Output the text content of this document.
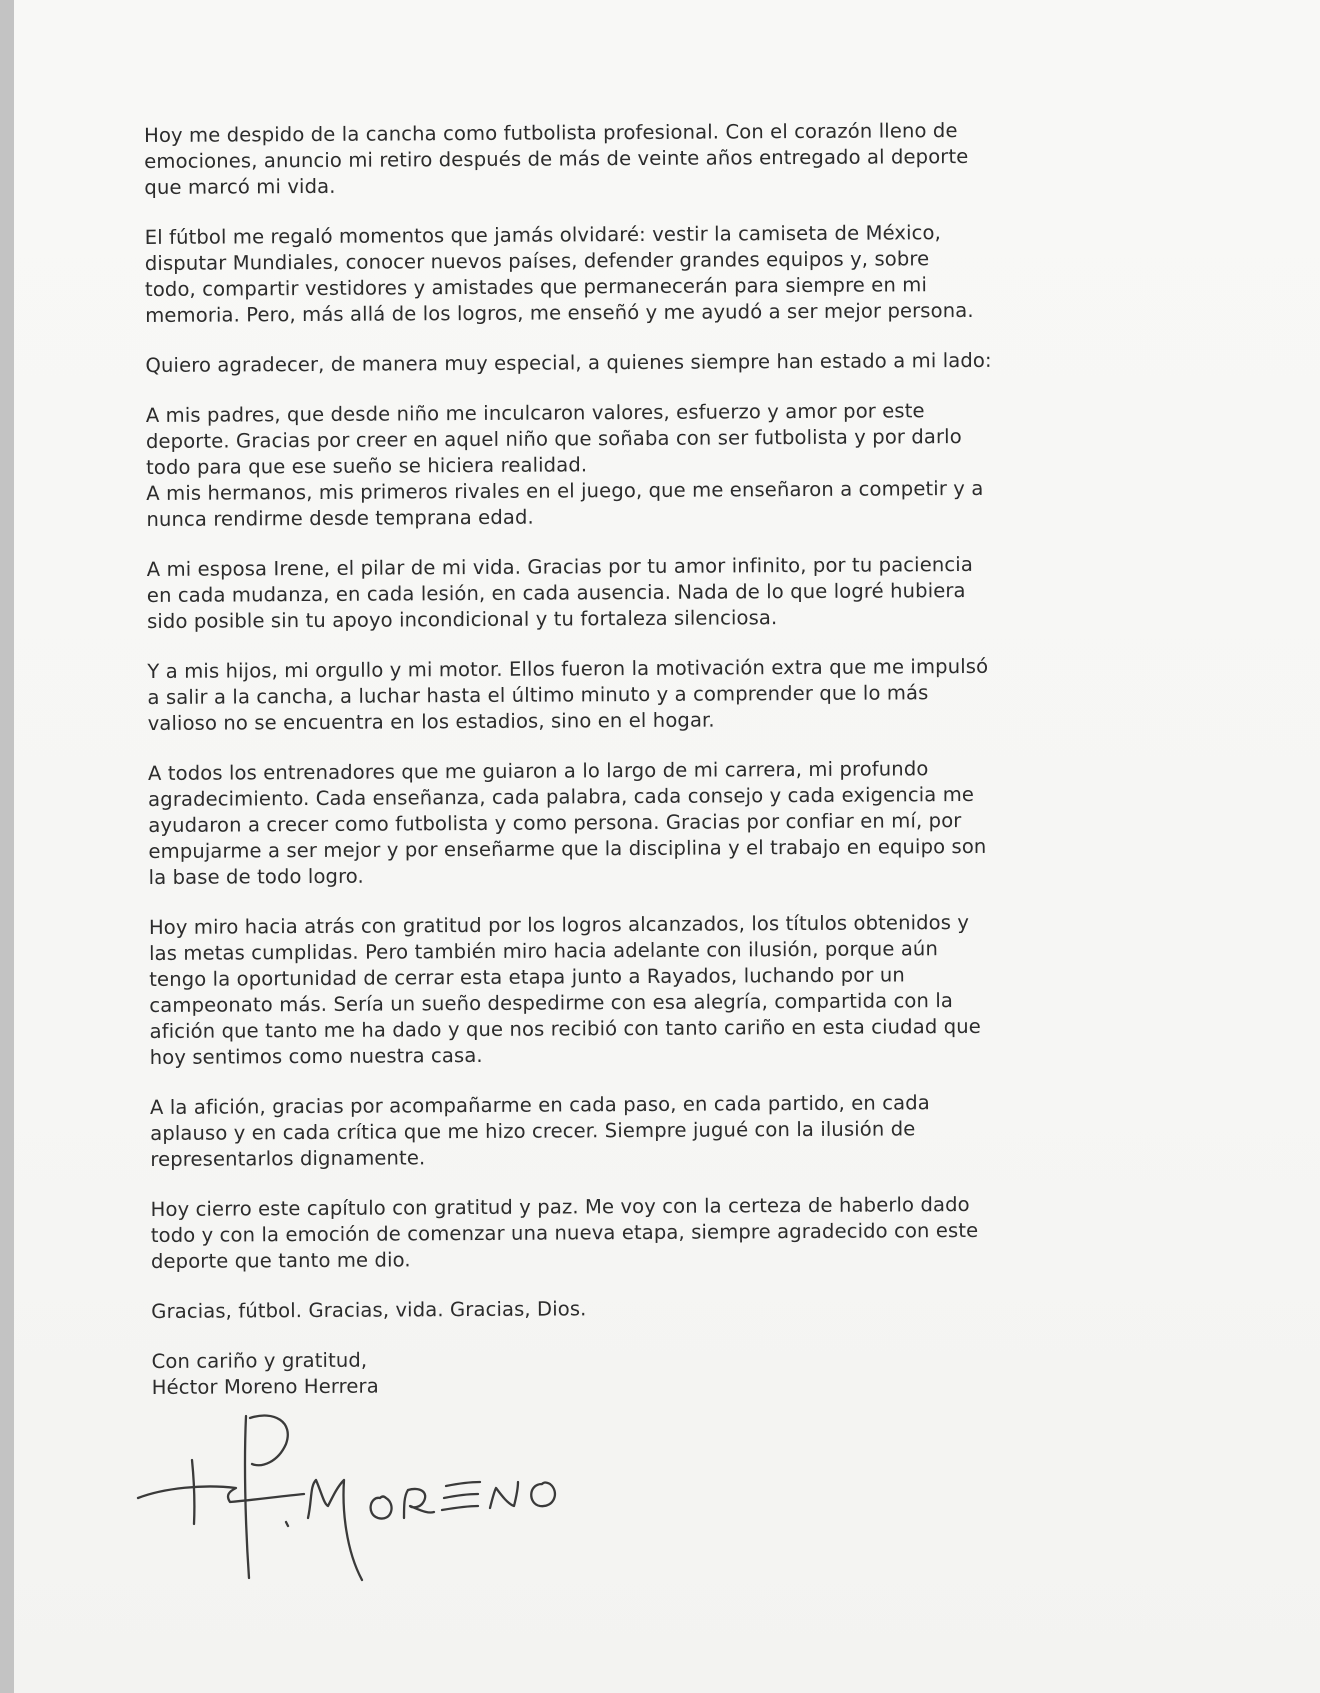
Hoy me despido de la cancha como futbolista profesional. Con el corazón lleno de
emociones, anuncio mi retiro después de más de veinte años entregado al deporte
que marcó mi vida.

El fútbol me regaló momentos que jamás olvidaré: vestir la camiseta de México,
disputar Mundiales, conocer nuevos países, defender grandes equipos y, sobre
todo, compartir vestidores y amistades que permanecerán para siempre en mi
memoria. Pero, más allá de los logros, me enseñó y me ayudó a ser mejor persona.

Quiero agradecer, de manera muy especial, a quienes siempre han estado a mi lado:

A mis padres, que desde niño me inculcaron valores, esfuerzo y amor por este
deporte. Gracias por creer en aquel niño que soñaba con ser futbolista y por darlo
todo para que ese sueño se hiciera realidad.

A mis hermanos, mis primeros rivales en el juego, que me enseñaron a competir y a
nunca rendirme desde temprana edad.

A mi esposa Irene, el pilar de mi vida. Gracias por tu amor infinito, por tu paciencia
en cada mudanza, en cada lesión, en cada ausencia. Nada de lo que logré hubiera
sido posible sin tu apoyo incondicional y tu fortaleza silenciosa.

Y a mis hijos, mi orgullo y mi motor. Ellos fueron la motivación extra que me impulsó
a salir a la cancha, a luchar hasta el último minuto y a comprender que lo más
valioso no se encuentra en los estadios, sino en el hogar.

A todos los entrenadores que me guiaron a lo largo de mi carrera, mi profundo
agradecimiento. Cada enseñanza, cada palabra, cada consejo y cada exigencia me
ayudaron a crecer como futbolista y como persona. Gracias por confiar en mí, por
empujarme a ser mejor y por enseñarme que la disciplina y el trabajo en equipo son
la base de todo logro.

Hoy miro hacia atrás con gratitud por los logros alcanzados, los títulos obtenidos y
las metas cumplidas. Pero también miro hacia adelante con ilusión, porque aún
tengo la oportunidad de cerrar esta etapa junto a Rayados, luchando por un
campeonato más. Sería un sueño despedirme con esa alegría, compartida con la
afición que tanto me ha dado y que nos recibió con tanto cariño en esta ciudad que
hoy sentimos como nuestra casa.

A la afición, gracias por acompañarme en cada paso, en cada partido, en cada
aplauso y en cada crítica que me hizo crecer. Siempre jugué con la ilusión de
representarlos dignamente.

Hoy cierro este capítulo con gratitud y paz. Me voy con la certeza de haberlo dado
todo y con la emoción de comenzar una nueva etapa, siempre agradecido con este
deporte que tanto me dio.

Gracias, fútbol. Gracias, vida. Gracias, Dios.

Con cariño y gratitud,
Héctor Moreno Herrera
